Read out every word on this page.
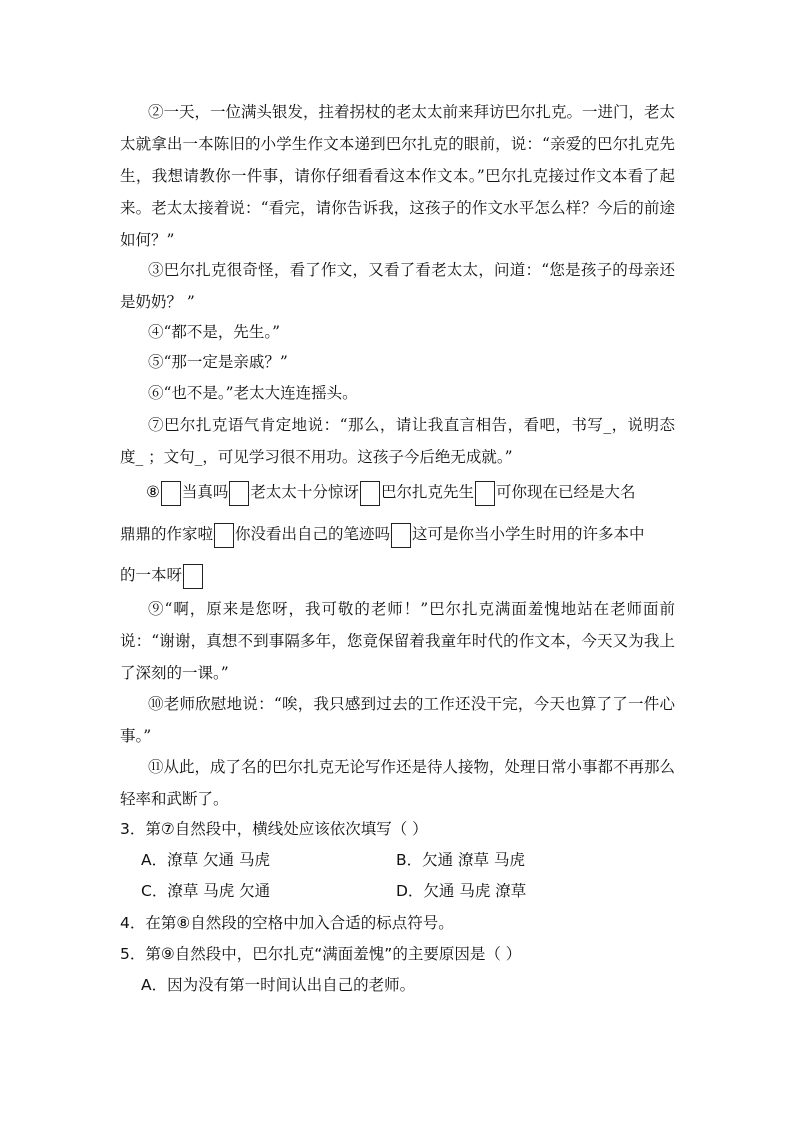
②一天，一位满头银发，拄着拐杖的老太太前来拜访巴尔扎克。一进门，老太太就拿出一本陈旧的小学生作文本递到巴尔扎克的眼前，说：“亲爱的巴尔扎克先生，我想请教你一件事，请你仔细看看这本作文本。”巴尔扎克接过作文本看了起来。老太太接着说：“看完，请你告诉我，这孩子的作文水平怎么样？今后的前途如何？”

③巴尔扎克很奇怪，看了作文，又看了看老太太，问道：“您是孩子的母亲还是奶奶？ ”

④“都不是，先生。”

⑤“那一定是亲戚？”

⑥“也不是。”老太大连连摇头。

⑦巴尔扎克语气肯定地说：“那么，请让我直言相告，看吧，书写_，说明态度_ ；文句_，可见学习很不用功。这孩子今后绝无成就。”

⑧ 当真吗 老太太十分惊讶 巴尔扎克先生 可你现在已经是大名
鼎鼎的作家啦 你没看出自己的笔迹吗 这可是你当小学生时用的许多本中
的一本呀

⑨“啊，原来是您呀，我可敬的老师！”巴尔扎克满面羞愧地站在老师面前说：“谢谢，真想不到事隔多年，您竟保留着我童年时代的作文本，今天又为我上了深刻的一课。”

⑩老师欣慰地说：“唉，我只感到过去的工作还没干完，今天也算了了一件心事。”

⑪从此，成了名的巴尔扎克无论写作还是待人接物，处理日常小事都不再那么轻率和武断了。

3．第⑦自然段中，横线处应该依次填写（ ）
A．潦草 欠通 马虎	B．欠通 潦草 马虎
C．潦草 马虎 欠通	D．欠通 马虎 潦草
4．在第⑧自然段的空格中加入合适的标点符号。
5．第⑨自然段中，巴尔扎克“满面羞愧”的主要原因是（ ）
A．因为没有第一时间认出自己的老师。
